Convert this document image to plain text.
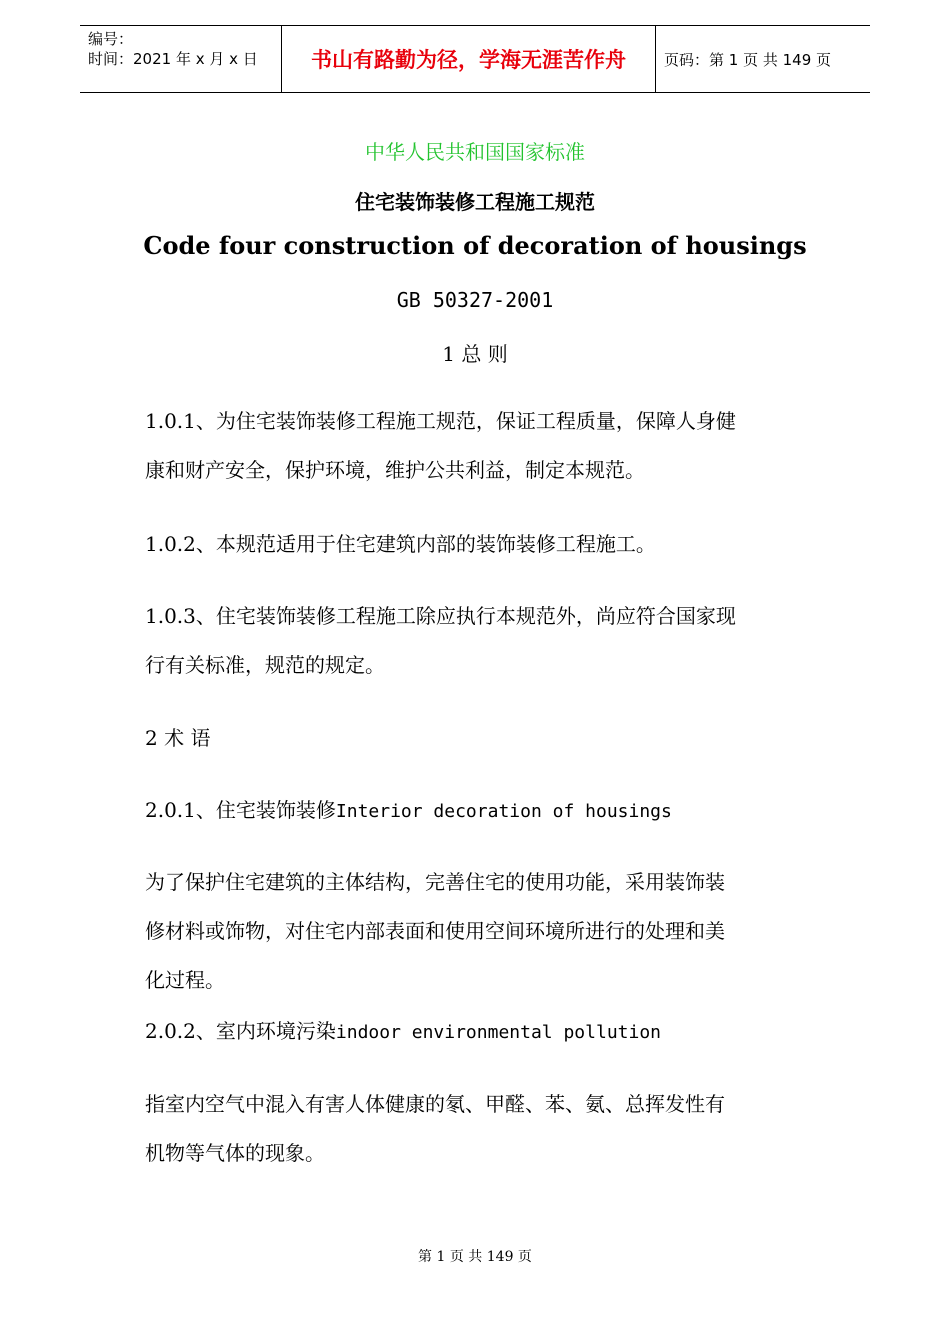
编号：
时间：2021 年 x 月 x 日	书山有路勤为径，学海无涯苦作舟	页码：第 1 页 共 149 页
中华人民共和国国家标准
住宅装饰装修工程施工规范
Code four construction of decoration of housings
GB 50327-2001
1 总 则
1.0.1、为住宅装饰装修工程施工规范，保证工程质量，保障人身健
康和财产安全，保护环境，维护公共利益，制定本规范。
1.0.2、本规范适用于住宅建筑内部的装饰装修工程施工。
1.0.3、住宅装饰装修工程施工除应执行本规范外，尚应符合国家现
行有关标准，规范的规定。
2 术 语
2.0.1、住宅装饰装修Interior decoration of housings
为了保护住宅建筑的主体结构，完善住宅的使用功能，采用装饰装
修材料或饰物，对住宅内部表面和使用空间环境所进行的处理和美
化过程。
2.0.2、室内环境污染indoor environmental pollution
指室内空气中混入有害人体健康的氡、甲醛、苯、氨、总挥发性有
机物等气体的现象。
第 1 页 共 149 页
